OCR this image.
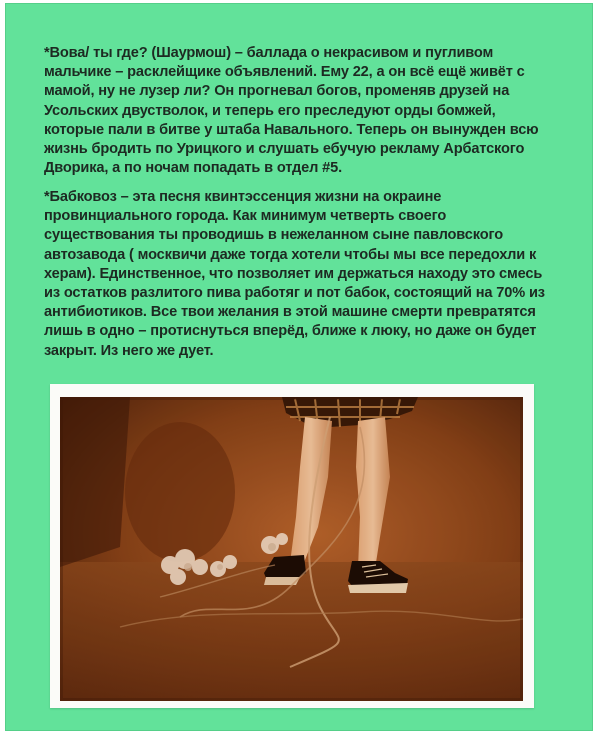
*Вова/ ты где? (Шаурмош) – баллада о некрасивом и пугливом мальчике – расклейщике объявлений. Ему 22, а он всё ещё живёт с мамой, ну не лузер ли? Он прогневал богов, променяв друзей на Усольских двустволок, и теперь его преследуют орды бомжей, которые пали в битве у штаба Навального. Теперь он вынужден всю жизнь бродить по Урицкого и слушать ебучую рекламу Арбатского Дворика, а по ночам попадать в отдел #5.

*Бабковоз – эта песня квинтэссенция жизни на окраине провинциального города. Как минимум четверть своего существования ты проводишь в нежеланном сыне павловского автозавода ( москвичи даже тогда хотели чтобы мы все передохли к херам). Единственное, что позволяет им держаться находу это смесь из остатков разлитого пива работяг и пот бабок, состоящий на 70% из антибиотиков. Все твои желания в этой машине смерти превратятся лишь в одно – протиснуться вперёд, ближе к люку, но даже он будет закрыт. Из него же дует.
